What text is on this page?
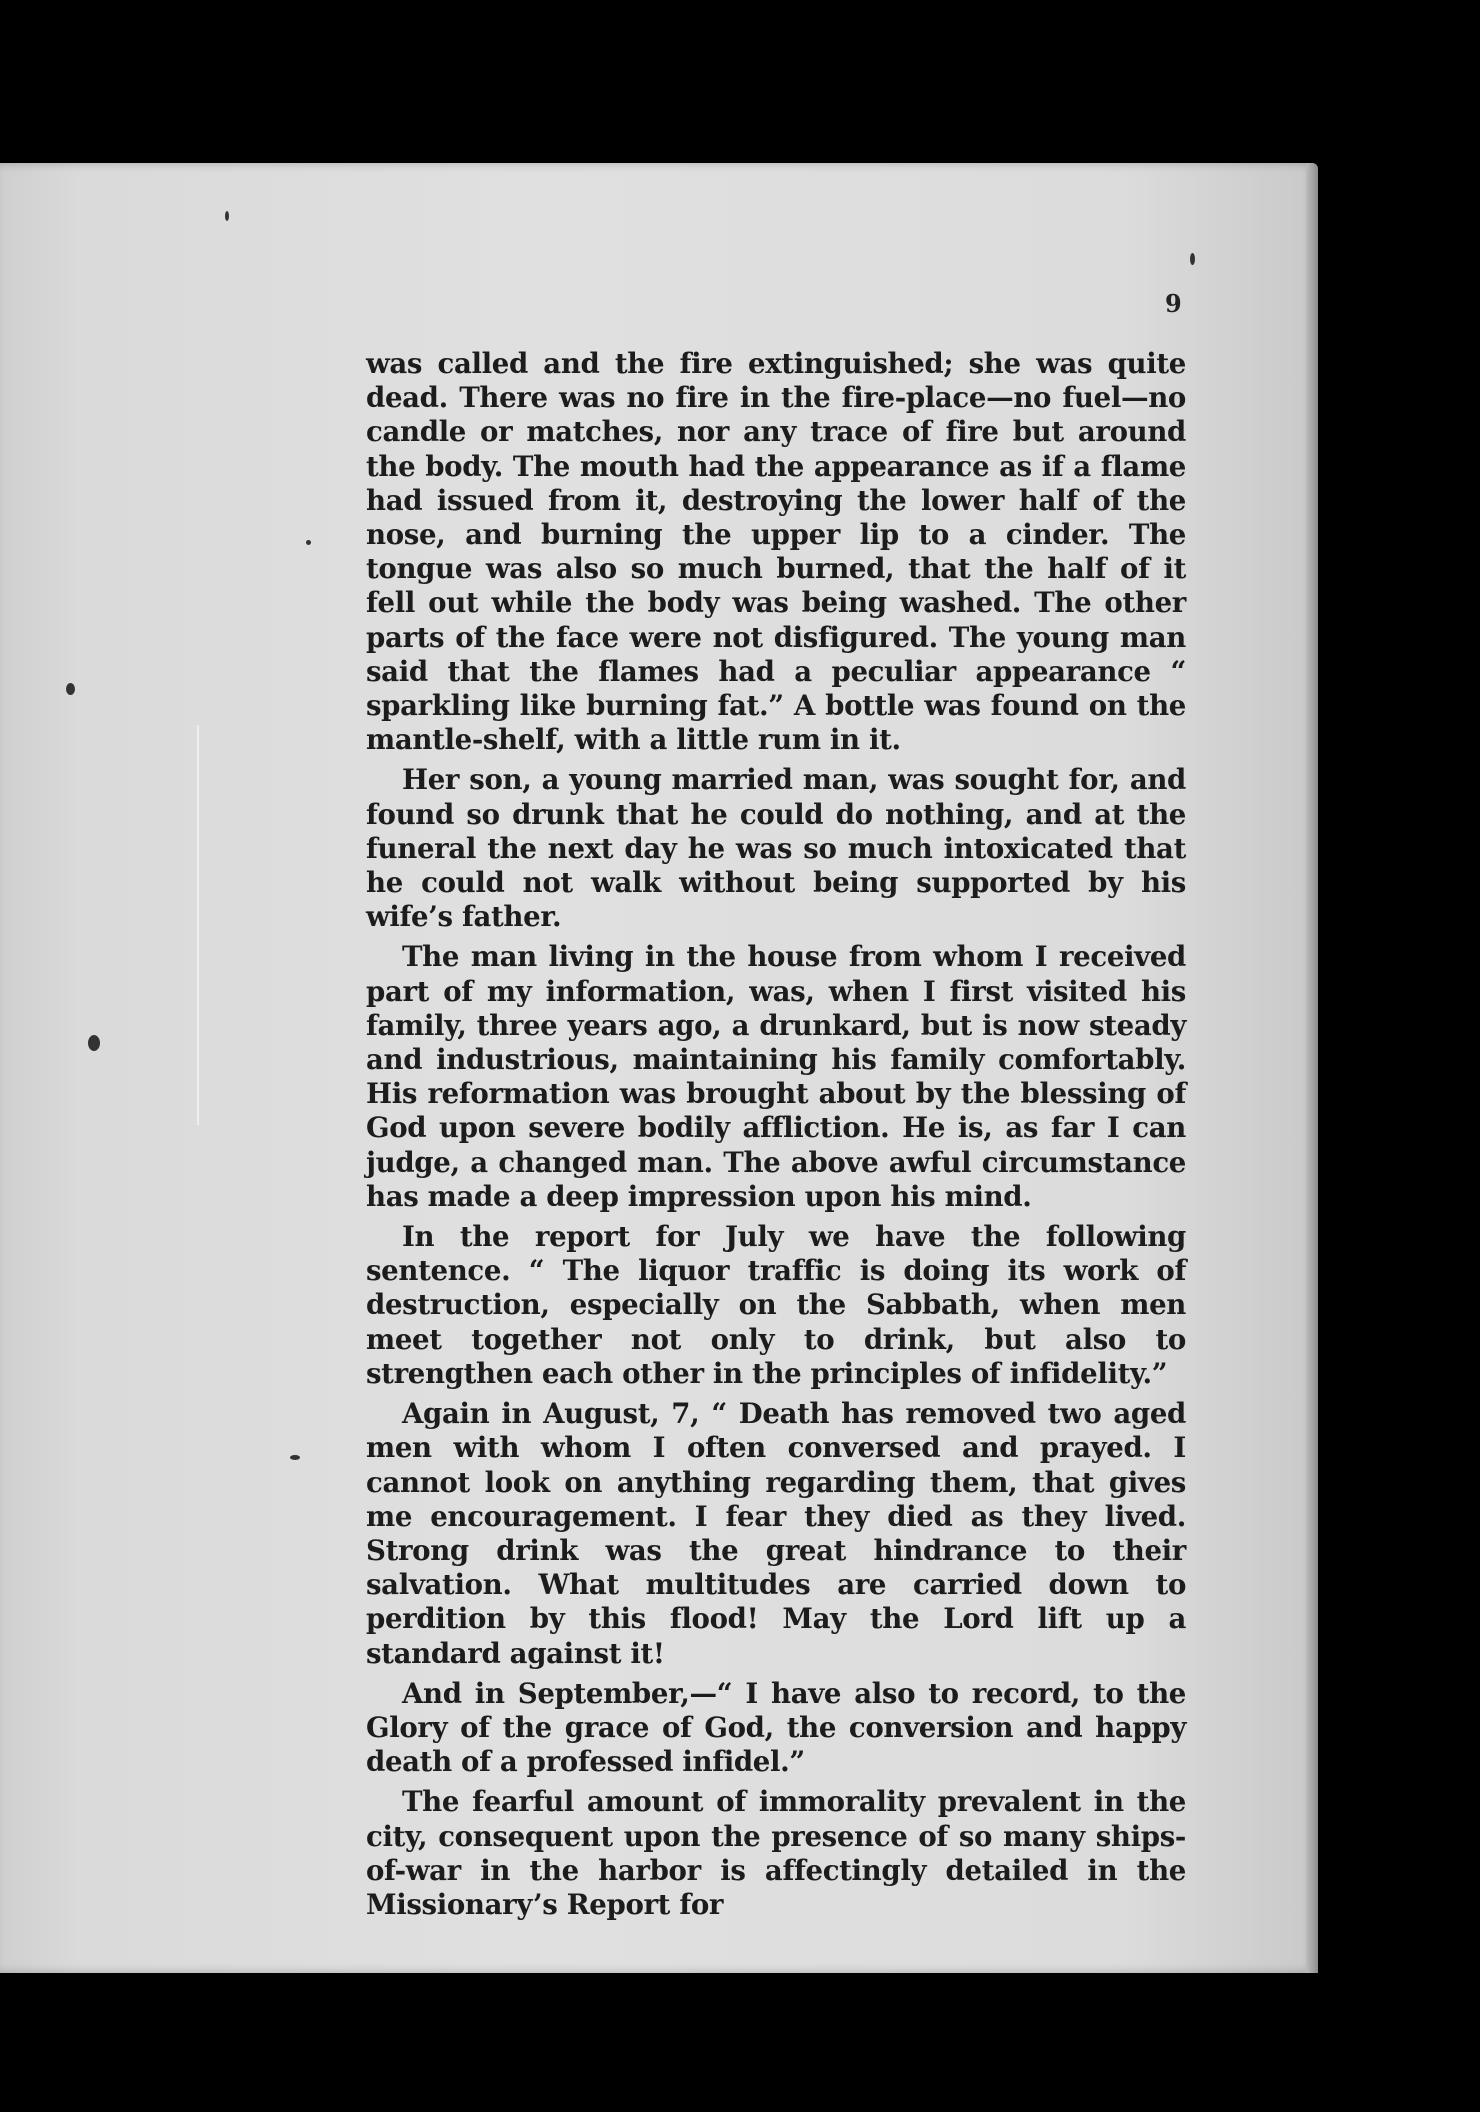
9

was called and the fire extinguished; she was quite dead. There was no fire in the fire-place—no fuel—no candle or matches, nor any trace of fire but around the body. The mouth had the appearance as if a flame had issued from it, destroying the lower half of the nose, and burning the upper lip to a cinder. The tongue was also so much burned, that the half of it fell out while the body was being washed. The other parts of the face were not disfigured. The young man said that the flames had a peculiar appearance “ sparkling like burning fat.” A bottle was found on the mantle-shelf, with a little rum in it.

Her son, a young married man, was sought for, and found so drunk that he could do nothing, and at the funeral the next day he was so much intoxicated that he could not walk without being supported by his wife’s father.

The man living in the house from whom I received part of my information, was, when I first visited his family, three years ago, a drunkard, but is now steady and industrious, maintaining his family comfortably. His reformation was brought about by the blessing of God upon severe bodily affliction. He is, as far I can judge, a changed man. The above awful circumstance has made a deep impression upon his mind.

In the report for July we have the following sentence. “ The liquor traffic is doing its work of destruction, especially on the Sabbath, when men meet together not only to drink, but also to strengthen each other in the principles of infidelity.”

Again in August, 7, “ Death has removed two aged men with whom I often conversed and prayed. I cannot look on anything regarding them, that gives me encouragement. I fear they died as they lived. Strong drink was the great hindrance to their salvation. What multitudes are carried down to perdition by this flood! May the Lord lift up a standard against it!

And in September,—“ I have also to record, to the Glory of the grace of God, the conversion and happy death of a professed infidel.”

The fearful amount of immorality prevalent in the city, consequent upon the presence of so many ships-of-war in the harbor is affectingly detailed in the Missionary’s Report for
